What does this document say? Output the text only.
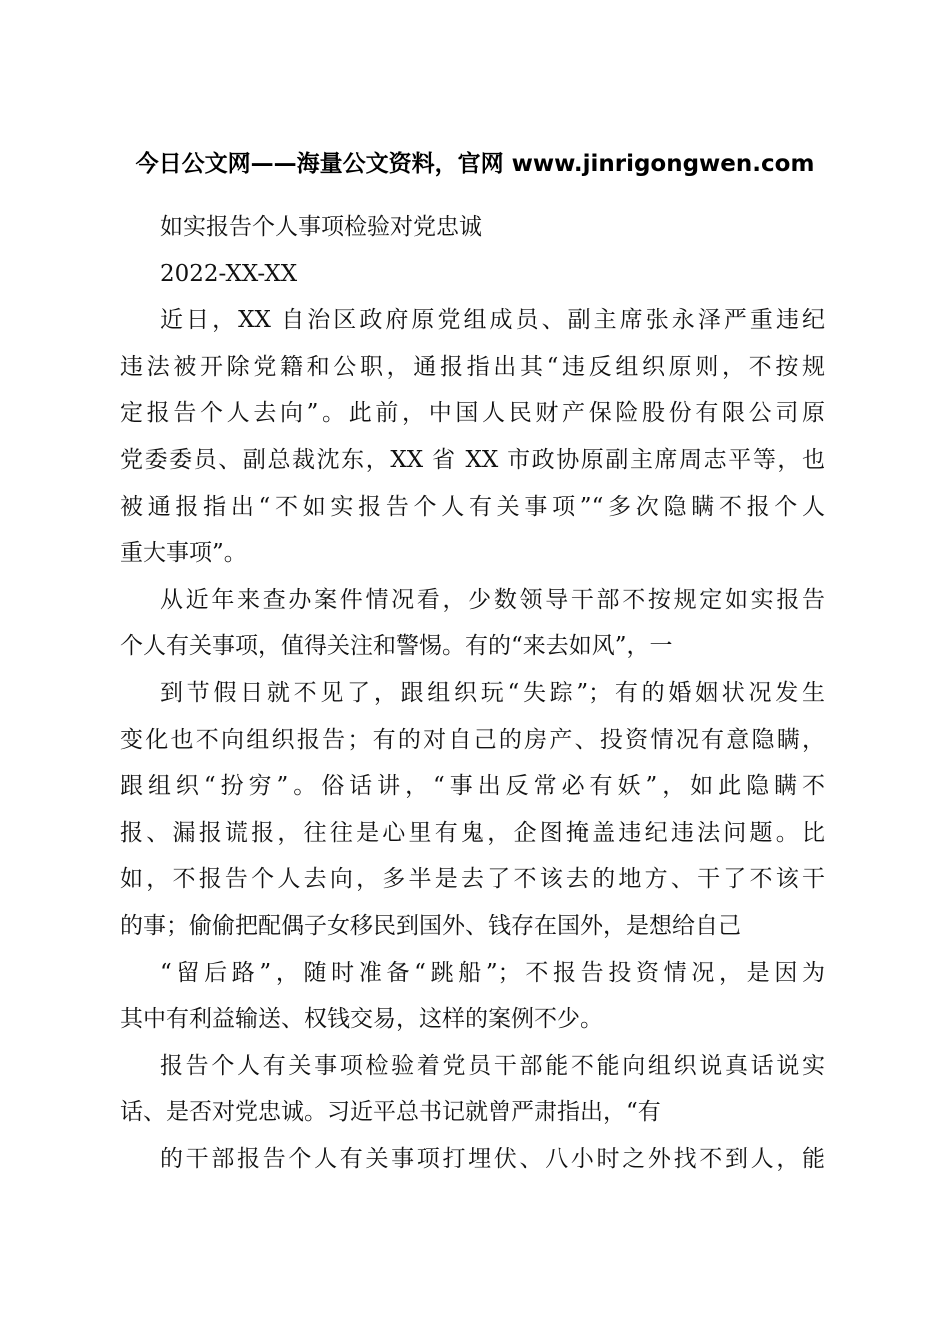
今日公文网——海量公文资料，官网 www.jinrigongwen.com
如实报告个人事项检验对党忠诚
2022-XX-XX
近日，XX 自治区政府原党组成员、副主席张永泽严重违纪
违法被开除党籍和公职，通报指出其“违反组织原则，不按规
定报告个人去向”。此前，中国人民财产保险股份有限公司原
党委委员、副总裁沈东，XX 省 XX 市政协原副主席周志平等，也
被通报指出“不如实报告个人有关事项”“多次隐瞒不报个人
重大事项”。
从近年来查办案件情况看，少数领导干部不按规定如实报告
个人有关事项，值得关注和警惕。有的“来去如风”，一
到节假日就不见了，跟组织玩“失踪”；有的婚姻状况发生
变化也不向组织报告；有的对自己的房产、投资情况有意隐瞒，
跟组织“扮穷”。俗话讲，“事出反常必有妖”，如此隐瞒不
报、漏报谎报，往往是心里有鬼，企图掩盖违纪违法问题。比
如，不报告个人去向，多半是去了不该去的地方、干了不该干
的事；偷偷把配偶子女移民到国外、钱存在国外，是想给自己
“留后路”，随时准备“跳船”；不报告投资情况，是因为
其中有利益输送、权钱交易，这样的案例不少。
报告个人有关事项检验着党员干部能不能向组织说真话说实
话、是否对党忠诚。习近平总书记就曾严肃指出，“有
的干部报告个人有关事项打埋伏、八小时之外找不到人，能
